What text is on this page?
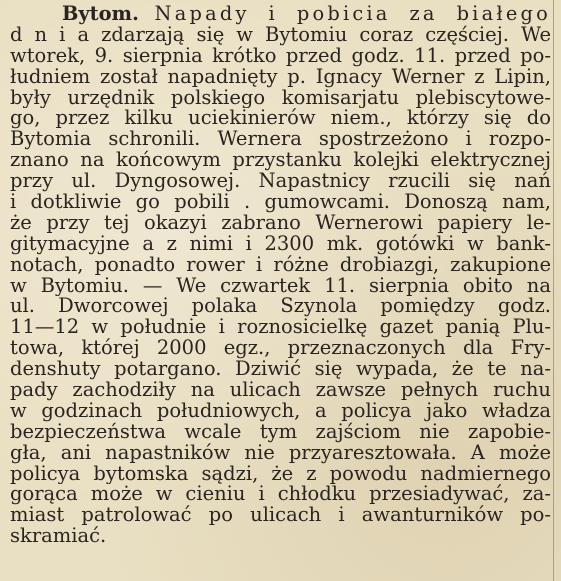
Bytom. Napady i pobicia za białego
d n i a zdarzają się w Bytomiu coraz częściej. We
wtorek, 9. sierpnia krótko przed godz. 11. przed po-
łudniem został napadnięty p. Ignacy Werner z Lipin,
były urzędnik polskiego komisarjatu plebiscytowe-
go, przez kilku uciekinierów niem., którzy się do
Bytomia schronili. Wernera spostrzeżono i rozpo-
znano na końcowym przystanku kolejki elektrycznej
przy ul. Dyngosowej. Napastnicy rzucili się nań
i dotkliwie go pobili . gumowcami. Donoszą nam,
że przy tej okazyi zabrano Wernerowi papiery le-
gitymacyjne a z nimi i 2300 mk. gotówki w bank-
notach, ponadto rower i różne drobiazgi, zakupione
w Bytomiu. — We czwartek 11. sierpnia obito na
ul. Dworcowej polaka Szynola pomiędzy godz.
11—12 w południe i roznosicielkę gazet panią Plu-
towa, której 2000 egz., przeznaczonych dla Fry-
denshuty potargano. Dziwić się wypada, że te na-
pady zachodziły na ulicach zawsze pełnych ruchu
w godzinach południowych, a policya jako władza
bezpieczeństwa wcale tym zajściom nie zapobie-
gła, ani napastników nie przyaresztowała. A może
policya bytomska sądzi, że z powodu nadmiernego
gorąca może w cieniu i chłodku przesiadywać, za-
miast patrolować po ulicach i awanturników po-
skramiać.
